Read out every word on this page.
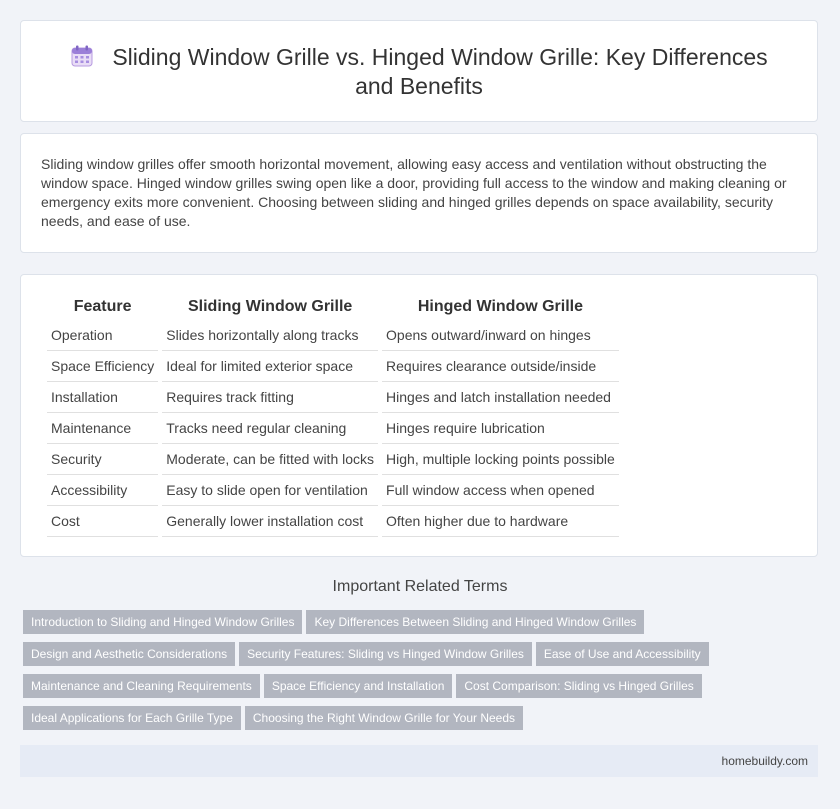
Sliding Window Grille vs. Hinged Window Grille: Key Differences and Benefits

Sliding window grilles offer smooth horizontal movement, allowing easy access and ventilation without obstructing the window space. Hinged window grilles swing open like a door, providing full access to the window and making cleaning or emergency exits more convenient. Choosing between sliding and hinged grilles depends on space availability, security needs, and ease of use.

Feature	Sliding Window Grille	Hinged Window Grille
Operation	Slides horizontally along tracks	Opens outward/inward on hinges
Space Efficiency	Ideal for limited exterior space	Requires clearance outside/inside
Installation	Requires track fitting	Hinges and latch installation needed
Maintenance	Tracks need regular cleaning	Hinges require lubrication
Security	Moderate, can be fitted with locks	High, multiple locking points possible
Accessibility	Easy to slide open for ventilation	Full window access when opened
Cost	Generally lower installation cost	Often higher due to hardware
Important Related Terms
Introduction to Sliding and Hinged Window Grilles Key Differences Between Sliding and Hinged Window Grilles
Design and Aesthetic Considerations Security Features: Sliding vs Hinged Window Grilles Ease of Use and Accessibility
Maintenance and Cleaning Requirements Space Efficiency and Installation Cost Comparison: Sliding vs Hinged Grilles
Ideal Applications for Each Grille Type Choosing the Right Window Grille for Your Needs
homebuildy.com
